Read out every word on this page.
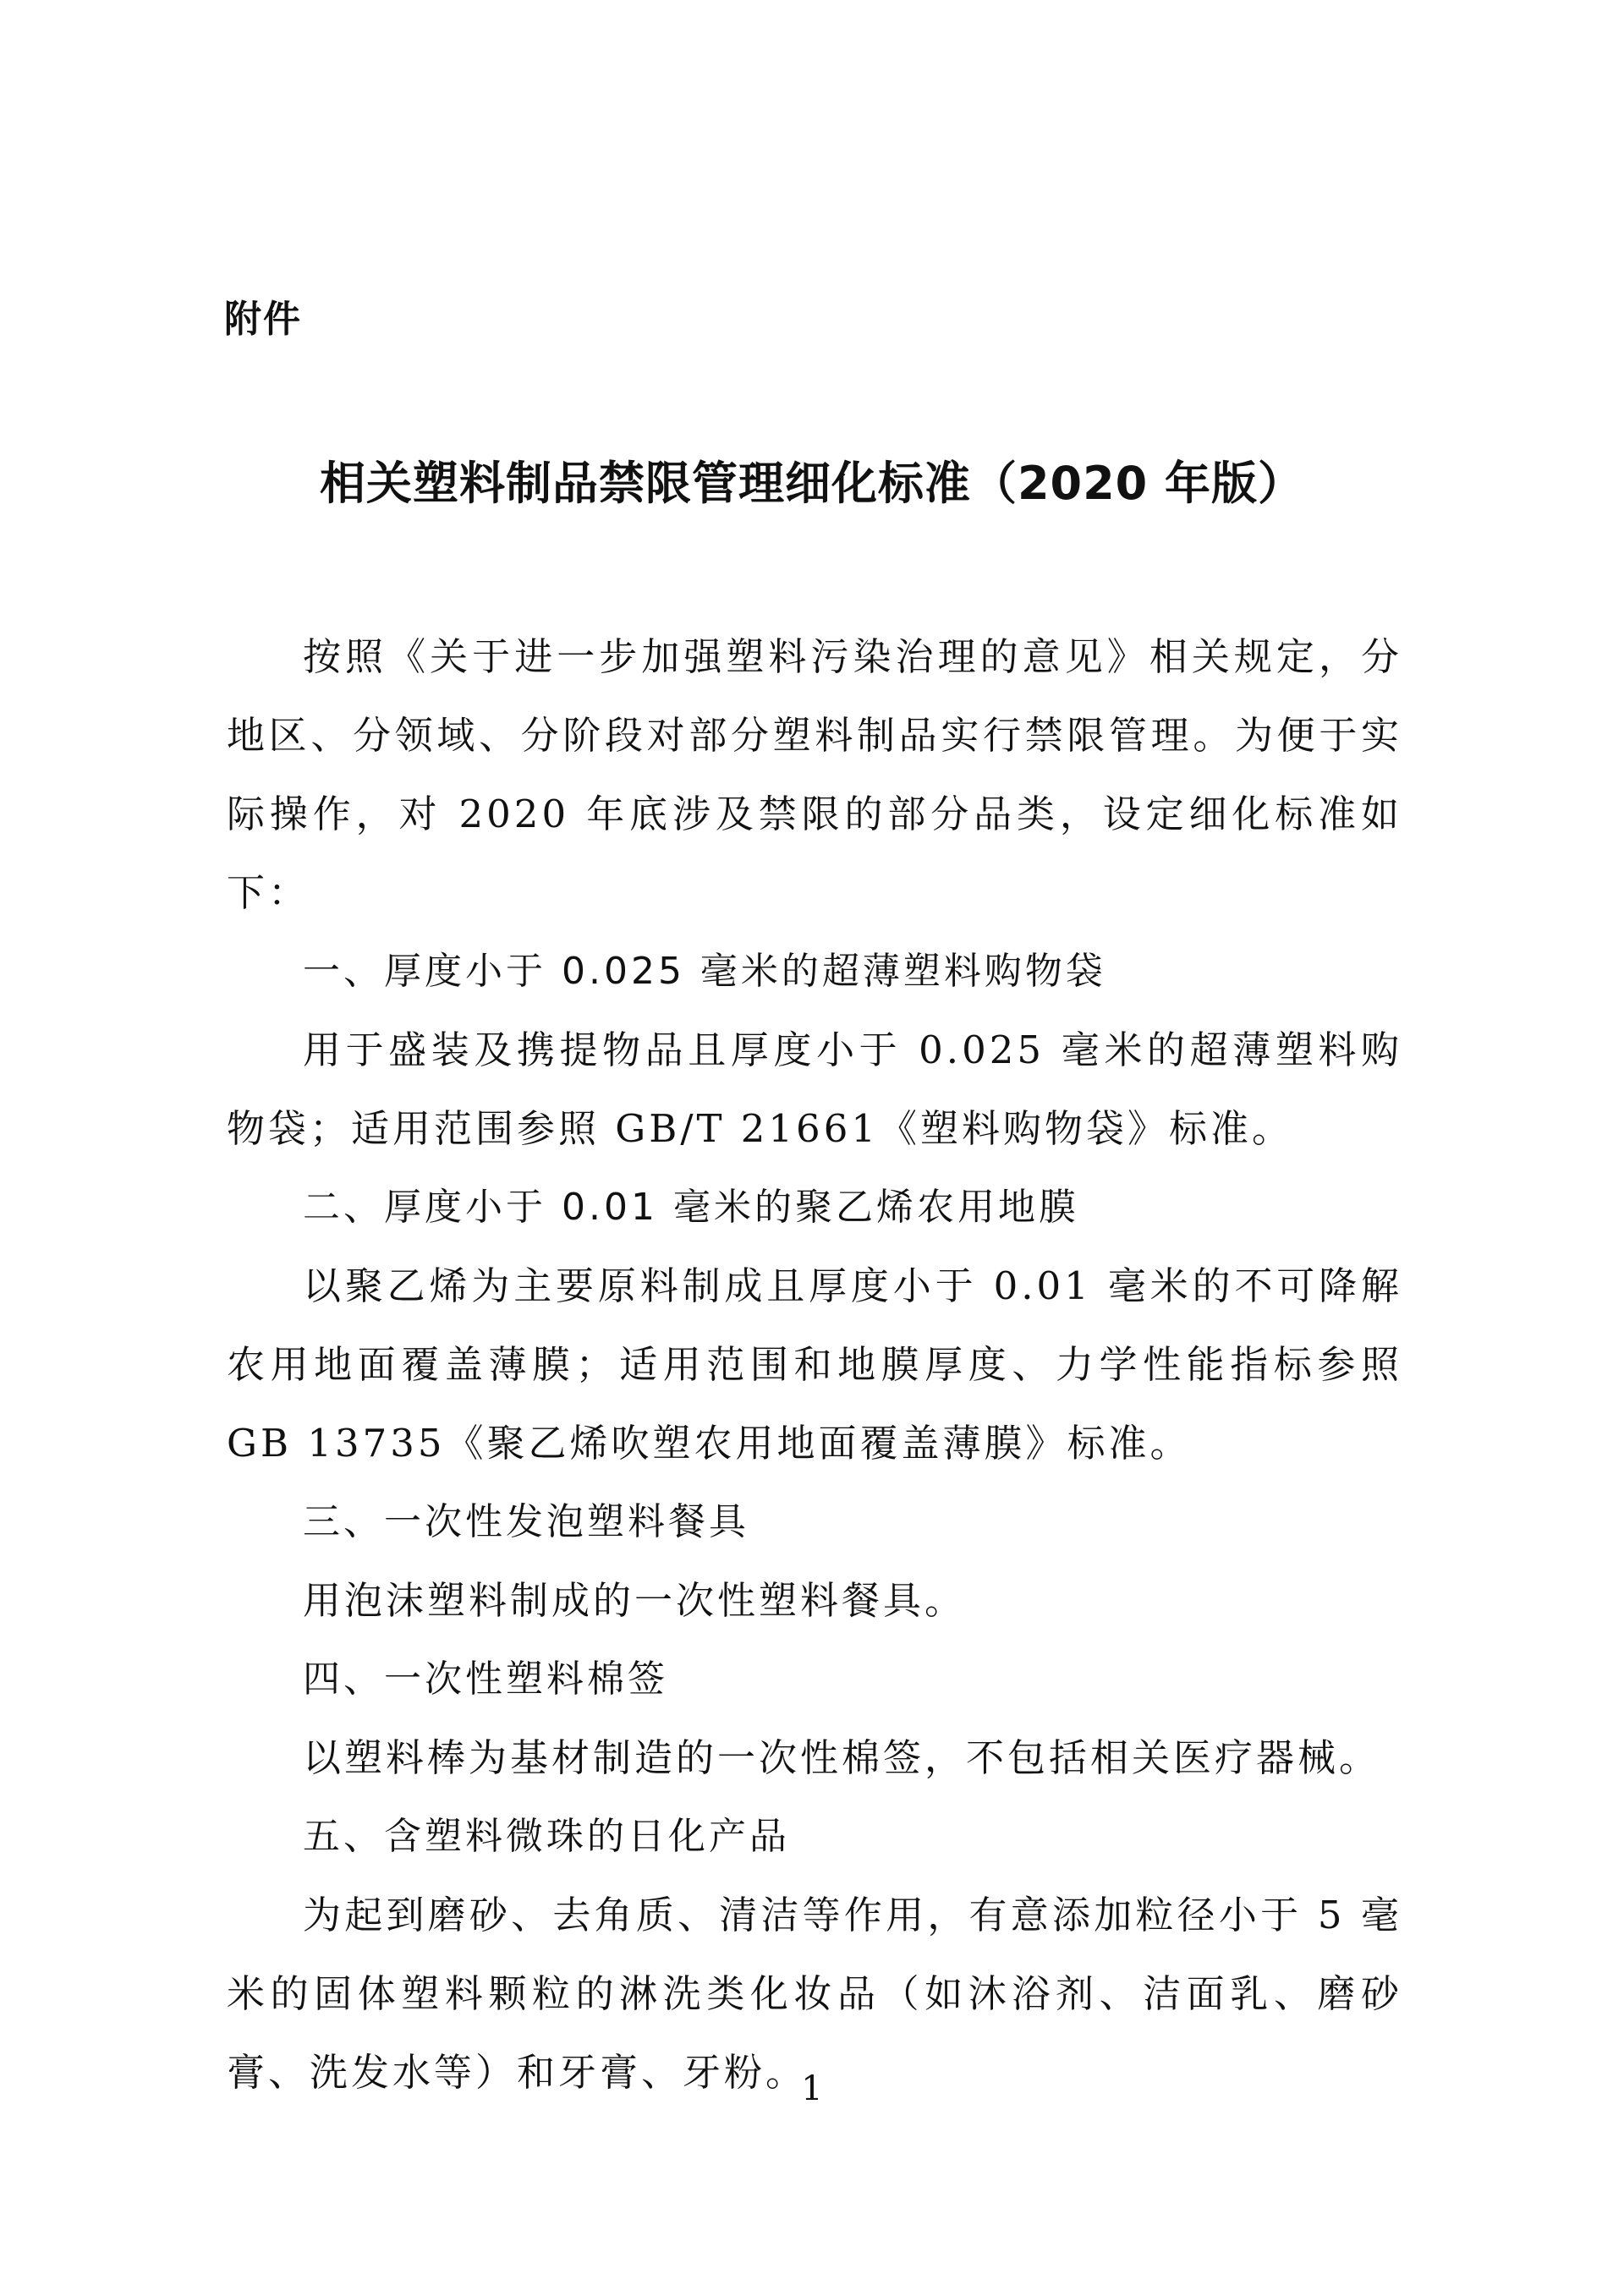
附件
相关塑料制品禁限管理细化标准（2020 年版）

按照《关于进一步加强塑料污染治理的意见》相关规定，分地区、分领域、分阶段对部分塑料制品实行禁限管理。为便于实际操作，对 2020 年底涉及禁限的部分品类，设定细化标准如下：

一、厚度小于 0.025 毫米的超薄塑料购物袋

用于盛装及携提物品且厚度小于 0.025 毫米的超薄塑料购物袋；适用范围参照 GB/T 21661《塑料购物袋》标准。

二、厚度小于 0.01 毫米的聚乙烯农用地膜

以聚乙烯为主要原料制成且厚度小于 0.01 毫米的不可降解农用地面覆盖薄膜；适用范围和地膜厚度、力学性能指标参照 GB 13735《聚乙烯吹塑农用地面覆盖薄膜》标准。

三、一次性发泡塑料餐具

用泡沫塑料制成的一次性塑料餐具。

四、一次性塑料棉签

以塑料棒为基材制造的一次性棉签，不包括相关医疗器械。

五、含塑料微珠的日化产品

为起到磨砂、去角质、清洁等作用，有意添加粒径小于 5 毫米的固体塑料颗粒的淋洗类化妆品（如沐浴剂、洁面乳、磨砂膏、洗发水等）和牙膏、牙粉。

1
